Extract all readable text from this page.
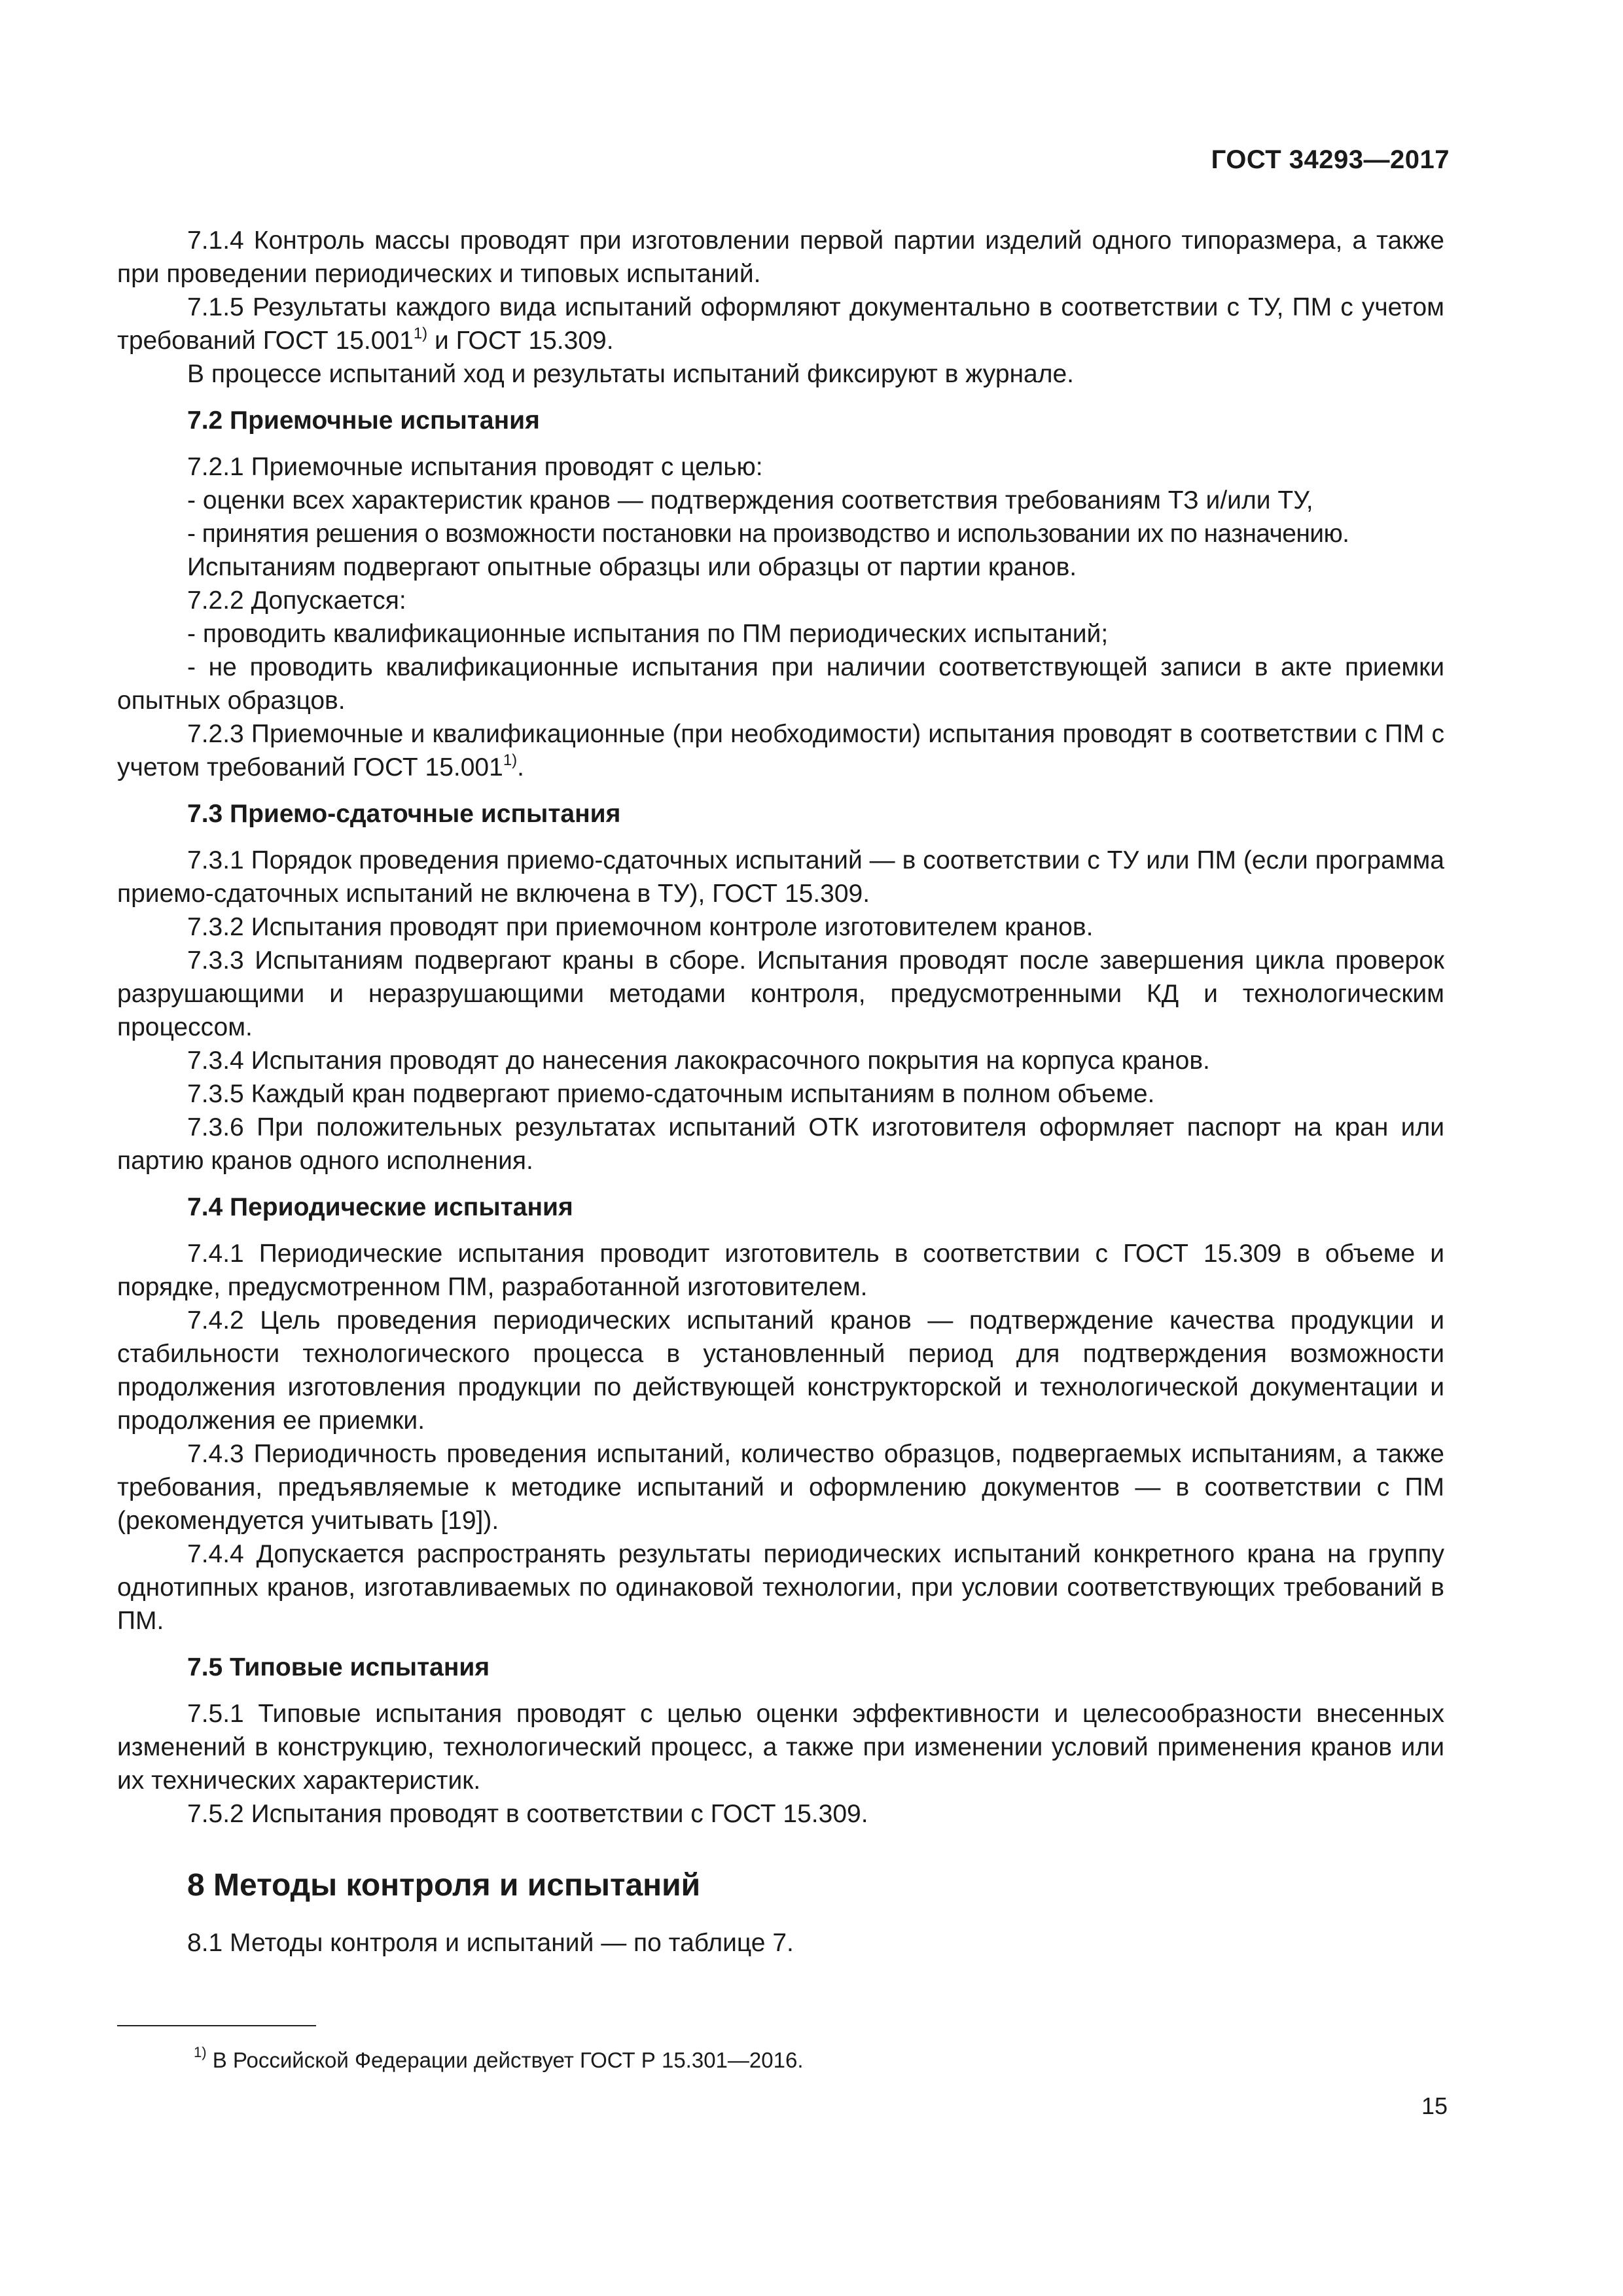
ГОСТ 34293—2017

7.1.4 Контроль массы проводят при изготовлении первой партии изделий одного типоразмера, а также при проведении периодических и типовых испытаний.

7.1.5 Результаты каждого вида испытаний оформляют документально в соответствии с ТУ, ПМ с учетом требований ГОСТ 15.001$^{1)}$ и ГОСТ 15.309.

В процессе испытаний ход и результаты испытаний фиксируют в журнале.

7.2 Приемочные испытания

7.2.1 Приемочные испытания проводят с целью:

- оценки всех характеристик кранов — подтверждения соответствия требованиям ТЗ и/или ТУ,

- принятия решения о возможности постановки на производство и использовании их по назначению.

Испытаниям подвергают опытные образцы или образцы от партии кранов.

7.2.2 Допускается:

- проводить квалификационные испытания по ПМ периодических испытаний;

- не проводить квалификационные испытания при наличии соответствующей записи в акте приемки опытных образцов.

7.2.3 Приемочные и квалификационные (при необходимости) испытания проводят в соответствии с ПМ с учетом требований ГОСТ 15.001$^{1)}$.

7.3 Приемо-сдаточные испытания

7.3.1 Порядок проведения приемо-сдаточных испытаний — в соответствии с ТУ или ПМ (если программа приемо-сдаточных испытаний не включена в ТУ), ГОСТ 15.309.

7.3.2 Испытания проводят при приемочном контроле изготовителем кранов.

7.3.3 Испытаниям подвергают краны в сборе. Испытания проводят после завершения цикла проверок разрушающими и неразрушающими методами контроля, предусмотренными КД и технологическим процессом.

7.3.4 Испытания проводят до нанесения лакокрасочного покрытия на корпуса кранов.

7.3.5 Каждый кран подвергают приемо-сдаточным испытаниям в полном объеме.

7.3.6 При положительных результатах испытаний ОТК изготовителя оформляет паспорт на кран или партию кранов одного исполнения.

7.4 Периодические испытания

7.4.1 Периодические испытания проводит изготовитель в соответствии с ГОСТ 15.309 в объеме и порядке, предусмотренном ПМ, разработанной изготовителем.

7.4.2 Цель проведения периодических испытаний кранов — подтверждение качества продукции и стабильности технологического процесса в установленный период для подтверждения возможности продолжения изготовления продукции по действующей конструкторской и технологической документации и продолжения ее приемки.

7.4.3 Периодичность проведения испытаний, количество образцов, подвергаемых испытаниям, а также требования, предъявляемые к методике испытаний и оформлению документов — в соответствии с ПМ (рекомендуется учитывать [19]).

7.4.4 Допускается распространять результаты периодических испытаний конкретного крана на группу однотипных кранов, изготавливаемых по одинаковой технологии, при условии соответствующих требований в ПМ.

7.5 Типовые испытания

7.5.1 Типовые испытания проводят с целью оценки эффективности и целесообразности внесенных изменений в конструкцию, технологический процесс, а также при изменении условий применения кранов или их технических характеристик.

7.5.2 Испытания проводят в соответствии с ГОСТ 15.309.

8 Методы контроля и испытаний

8.1 Методы контроля и испытаний — по таблице 7.

$^{1)}$ В Российской Федерации действует ГОСТ Р 15.301—2016.
15
